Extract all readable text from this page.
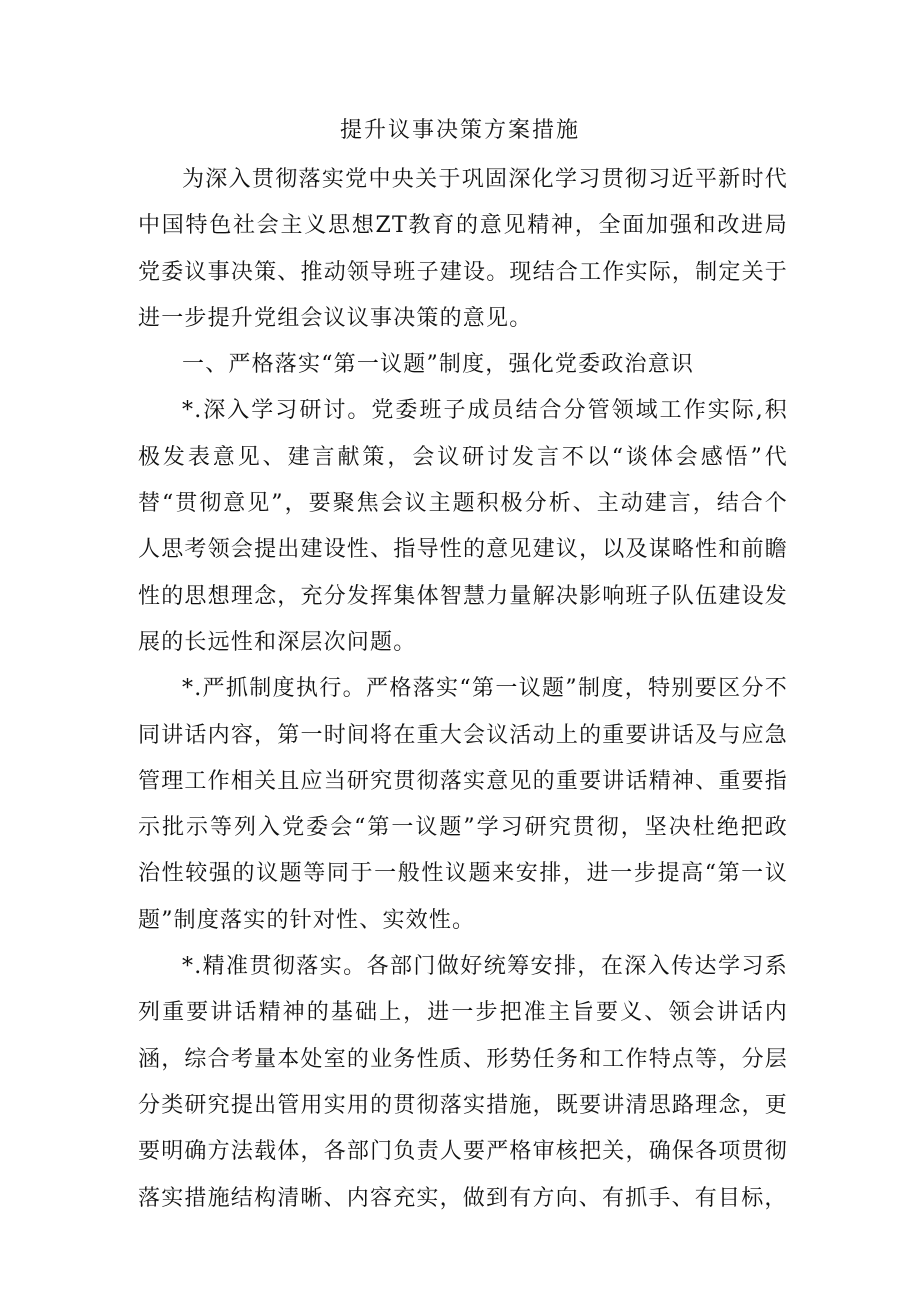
提升议事决策方案措施

为深入贯彻落实党中央关于巩固深化学习贯彻习近平新时代中国特色社会主义思想ZT教育的意见精神，全面加强和改进局党委议事决策、推动领导班子建设。现结合工作实际，制定关于进一步提升党组会议议事决策的意见。

一、严格落实“第一议题”制度，强化党委政治意识

*.深入学习研讨。党委班子成员结合分管领域工作实际,积极发表意见、建言献策，会议研讨发言不以“谈体会感悟”代替“贯彻意见”，要聚焦会议主题积极分析、主动建言，结合个人思考领会提出建设性、指导性的意见建议，以及谋略性和前瞻性的思想理念，充分发挥集体智慧力量解决影响班子队伍建设发展的长远性和深层次问题。

*.严抓制度执行。严格落实“第一议题”制度，特别要区分不同讲话内容，第一时间将在重大会议活动上的重要讲话及与应急管理工作相关且应当研究贯彻落实意见的重要讲话精神、重要指示批示等列入党委会“第一议题”学习研究贯彻，坚决杜绝把政治性较强的议题等同于一般性议题来安排，进一步提高“第一议题”制度落实的针对性、实效性。

*.精准贯彻落实。各部门做好统筹安排，在深入传达学习系列重要讲话精神的基础上，进一步把准主旨要义、领会讲话内涵，综合考量本处室的业务性质、形势任务和工作特点等，分层分类研究提出管用实用的贯彻落实措施，既要讲清思路理念，更要明确方法载体，各部门负责人要严格审核把关，确保各项贯彻落实措施结构清晰、内容充实，做到有方向、有抓手、有目标，
